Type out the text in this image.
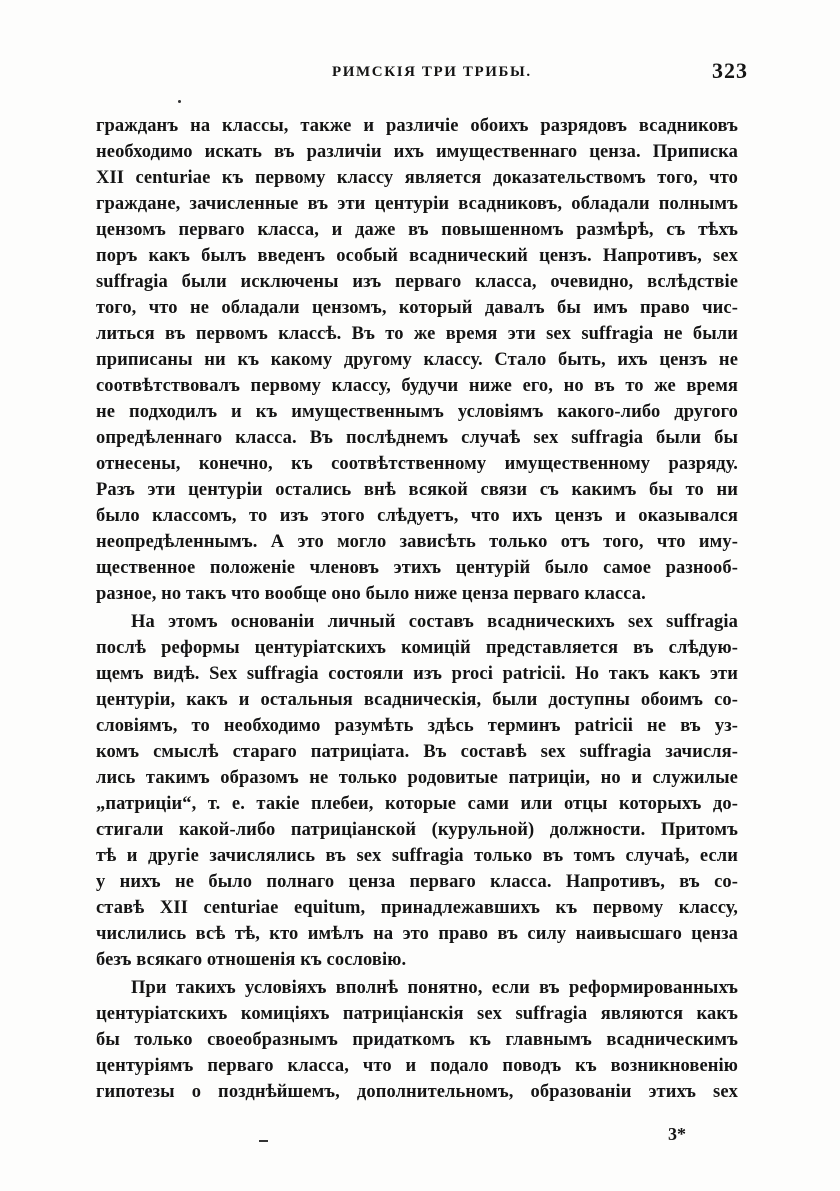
РИМСКІЯ ТРИ ТРИБЫ.	323
гражданъ на классы, также и различіе обоихъ разрядовъ всадниковъ
необходимо искать въ различіи ихъ имущественнаго ценза. Приписка
XII centuriae къ первому классу является доказательствомъ того, что
граждане, зачисленные въ эти центуріи всадниковъ, обладали полнымъ
цензомъ перваго класса, и даже въ повышенномъ размѣрѣ, съ тѣхъ
поръ какъ былъ введенъ особый всаднический цензъ. Напротивъ, sex
suffragia были исключены изъ перваго класса, очевидно, вслѣдствіе
того, что не обладали цензомъ, который давалъ бы имъ право чис-
литься въ первомъ классѣ. Въ то же время эти sex suffragia не были
приписаны ни къ какому другому классу. Стало быть, ихъ цензъ не
соотвѣтствовалъ первому классу, будучи ниже его, но въ то же время
не подходилъ и къ имущественнымъ условіямъ какого-либо другого
опредѣленнаго класса. Въ послѣднемъ случаѣ sex suffragia были бы
отнесены, конечно, къ соотвѣтственному имущественному разряду.
Разъ эти центуріи остались внѣ всякой связи съ какимъ бы то ни
было классомъ, то изъ этого слѣдуетъ, что ихъ цензъ и оказывался
неопредѣленнымъ. А это могло зависѣть только отъ того, что иму-
щественное положеніе членовъ этихъ центурій было самое разнооб-
разное, но такъ что вообще оно было ниже ценза перваго класса.
На этомъ основаніи личный составъ всадническихъ sex suffragia
послѣ реформы центуріатскихъ комицій представляется въ слѣдую-
щемъ видѣ. Sex suffragia состояли изъ proci patricii. Но такъ какъ эти
центуріи, какъ и остальныя всадническія, были доступны обоимъ со-
словіямъ, то необходимо разумѣть здѣсь терминъ patricii не въ уз-
комъ смыслѣ стараго патриціата. Въ составѣ sex suffragia зачисля-
лись такимъ образомъ не только родовитые патриціи, но и служилые
„патриціи“, т. е. такіе плебеи, которые сами или отцы которыхъ до-
стигали какой-либо патриціанской (курульной) должности. Притомъ
тѣ и другіе зачислялись въ sex suffragia только въ томъ случаѣ, если
у нихъ не было полнаго ценза перваго класса. Напротивъ, въ со-
ставѣ XII centuriae equitum, принадлежавшихъ къ первому классу,
числились всѣ тѣ, кто имѣлъ на это право въ силу наивысшаго ценза
безъ всякаго отношенія къ сословію.
При такихъ условіяхъ вполнѣ понятно, если въ реформированныхъ
центуріатскихъ комиціяхъ патриціанскія sex suffragia являются какъ
бы только своеобразнымъ придаткомъ къ главнымъ всадническимъ
центуріямъ перваго класса, что и подало поводъ къ возникновенію
гипотезы о позднѣйшемъ, дополнительномъ, образованіи этихъ sex
3*
